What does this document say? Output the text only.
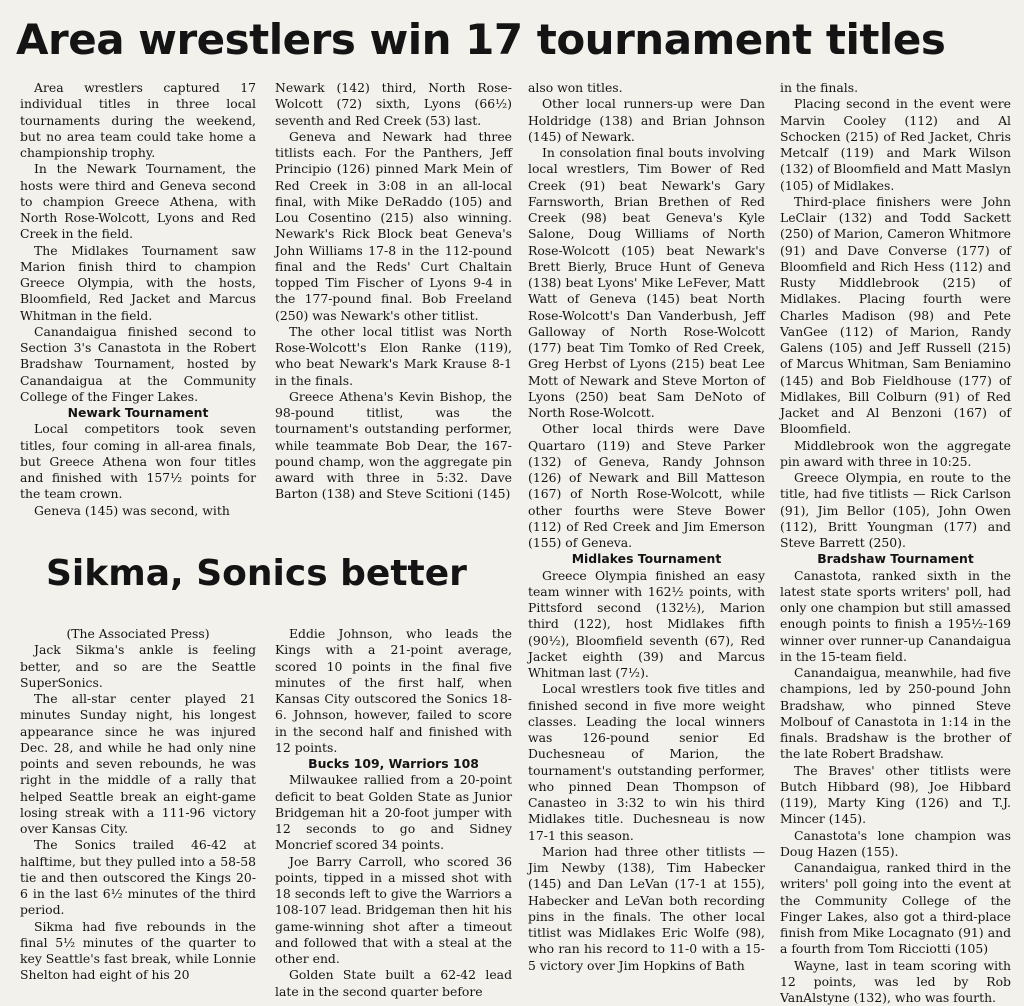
Area wrestlers win 17 tournament titles

Area wrestlers captured 17 individual titles in three local tournaments during the weekend, but no area team could take home a championship trophy.

In the Newark Tournament, the hosts were third and Geneva second to champion Greece Athena, with North Rose-Wolcott, Lyons and Red Creek in the field.

The Midlakes Tournament saw Marion finish third to champion Greece Olympia, with the hosts, Bloomfield, Red Jacket and Marcus Whitman in the field.

Canandaigua finished second to Section 3's Canastota in the Robert Bradshaw Tournament, hosted by Canandaigua at the Community College of the Finger Lakes.

Newark Tournament

Local competitors took seven titles, four coming in all-area finals, but Greece Athena won four titles and finished with 157½ points for the team crown.

Geneva (145) was second, with

Newark (142) third, North Rose-Wolcott (72) sixth, Lyons (66½) seventh and Red Creek (53) last.

Geneva and Newark had three titlists each. For the Panthers, Jeff Principio (126) pinned Mark Mein of Red Creek in 3:08 in an all-local final, with Mike DeRaddo (105) and Lou Cosentino (215) also winning. Newark's Rick Block beat Geneva's John Williams 17-8 in the 112-pound final and the Reds' Curt Chaltain topped Tim Fischer of Lyons 9-4 in the 177-pound final. Bob Freeland (250) was Newark's other titlist.

The other local titlist was North Rose-Wolcott's Elon Ranke (119), who beat Newark's Mark Krause 8-1 in the finals.

Greece Athena's Kevin Bishop, the 98-pound titlist, was the tournament's outstanding performer, while teammate Bob Dear, the 167-pound champ, won the aggregate pin award with three in 5:32. Dave Barton (138) and Steve Scitioni (145)

also won titles.

Other local runners-up were Dan Holdridge (138) and Brian Johnson (145) of Newark.

In consolation final bouts involving local wrestlers, Tim Bower of Red Creek (91) beat Newark's Gary Farnsworth, Brian Brethen of Red Creek (98) beat Geneva's Kyle Salone, Doug Williams of North Rose-Wolcott (105) beat Newark's Brett Bierly, Bruce Hunt of Geneva (138) beat Lyons' Mike LeFever, Matt Watt of Geneva (145) beat North Rose-Wolcott's Dan Vanderbush, Jeff Galloway of North Rose-Wolcott (177) beat Tim Tomko of Red Creek, Greg Herbst of Lyons (215) beat Lee Mott of Newark and Steve Morton of Lyons (250) beat Sam DeNoto of North Rose-Wolcott.

Other local thirds were Dave Quartaro (119) and Steve Parker (132) of Geneva, Randy Johnson (126) of Newark and Bill Matteson (167) of North Rose-Wolcott, while other fourths were Steve Bower (112) of Red Creek and Jim Emerson (155) of Geneva.

Midlakes Tournament

Greece Olympia finished an easy team winner with 162½ points, with Pittsford second (132½), Marion third (122), host Midlakes fifth (90½), Bloomfield seventh (67), Red Jacket eighth (39) and Marcus Whitman last (7½).

Local wrestlers took five titles and finished second in five more weight classes. Leading the local winners was 126-pound senior Ed Duchesneau of Marion, the tournament's outstanding performer, who pinned Dean Thompson of Canasteo in 3:32 to win his third Midlakes title. Duchesneau is now 17-1 this season.

Marion had three other titlists — Jim Newby (138), Tim Habecker (145) and Dan LeVan (17-1 at 155), Habecker and LeVan both recording pins in the finals. The other local titlist was Midlakes Eric Wolfe (98), who ran his record to 11-0 with a 15-5 victory over Jim Hopkins of Bath

in the finals.

Placing second in the event were Marvin Cooley (112) and Al Schocken (215) of Red Jacket, Chris Metcalf (119) and Mark Wilson (132) of Bloomfield and Matt Maslyn (105) of Midlakes.

Third-place finishers were John LeClair (132) and Todd Sackett (250) of Marion, Cameron Whitmore (91) and Dave Converse (177) of Bloomfield and Rich Hess (112) and Rusty Middlebrook (215) of Midlakes. Placing fourth were Charles Madison (98) and Pete VanGee (112) of Marion, Randy Galens (105) and Jeff Russell (215) of Marcus Whitman, Sam Beniamino (145) and Bob Fieldhouse (177) of Midlakes, Bill Colburn (91) of Red Jacket and Al Benzoni (167) of Bloomfield.

Middlebrook won the aggregate pin award with three in 10:25.

Greece Olympia, en route to the title, had five titlists — Rick Carlson (91), Jim Bellor (105), John Owen (112), Britt Youngman (177) and Steve Barrett (250).

Bradshaw Tournament

Canastota, ranked sixth in the latest state sports writers' poll, had only one champion but still amassed enough points to finish a 195½-169 winner over runner-up Canandaigua in the 15-team field.

Canandaigua, meanwhile, had five champions, led by 250-pound John Bradshaw, who pinned Steve Molbouf of Canastota in 1:14 in the finals. Bradshaw is the brother of the late Robert Bradshaw.

The Braves' other titlists were Butch Hibbard (98), Joe Hibbard (119), Marty King (126) and T.J. Mincer (145).

Canastota's lone champion was Doug Hazen (155).

Canandaigua, ranked third in the writers' poll going into the event at the Community College of the Finger Lakes, also got a third-place finish from Mike Locagnato (91) and a fourth from Tom Ricciotti (105)

Wayne, last in team scoring with 12 points, was led by Rob VanAlstyne (132), who was fourth.

Sikma, Sonics better

(The Associated Press)

Jack Sikma's ankle is feeling better, and so are the Seattle SuperSonics.

The all-star center played 21 minutes Sunday night, his longest appearance since he was injured Dec. 28, and while he had only nine points and seven rebounds, he was right in the middle of a rally that helped Seattle break an eight-game losing streak with a 111-96 victory over Kansas City.

The Sonics trailed 46-42 at halftime, but they pulled into a 58-58 tie and then outscored the Kings 20-6 in the last 6½ minutes of the third period.

Sikma had five rebounds in the final 5½ minutes of the quarter to key Seattle's fast break, while Lonnie Shelton had eight of his 20

Eddie Johnson, who leads the Kings with a 21-point average, scored 10 points in the final five minutes of the first half, when Kansas City outscored the Sonics 18-6. Johnson, however, failed to score in the second half and finished with 12 points.

Bucks 109, Warriors 108

Milwaukee rallied from a 20-point deficit to beat Golden State as Junior Bridgeman hit a 20-foot jumper with 12 seconds to go and Sidney Moncrief scored 34 points.

Joe Barry Carroll, who scored 36 points, tipped in a missed shot with 18 seconds left to give the Warriors a 108-107 lead. Bridgeman then hit his game-winning shot after a timeout and followed that with a steal at the other end.

Golden State built a 62-42 lead late in the second quarter before
